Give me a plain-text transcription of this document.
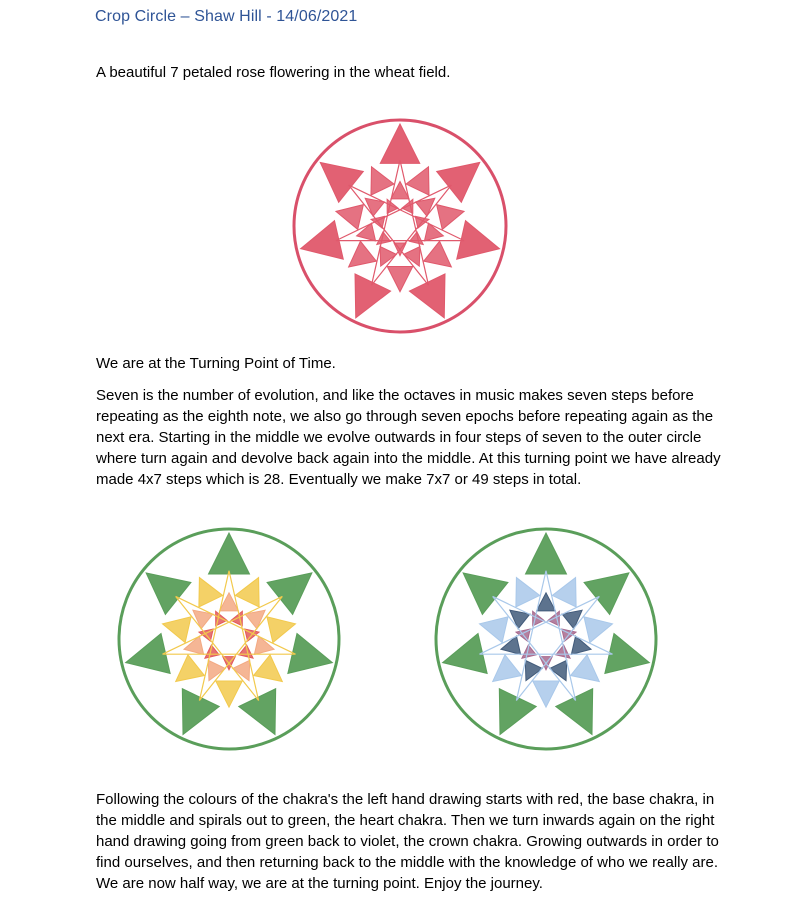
Crop Circle – Shaw Hill - 14/06/2021

A beautiful 7 petaled rose flowering in the wheat field.

We are at the Turning Point of Time.

Seven is the number of evolution, and like the octaves in music makes seven steps before repeating as the eighth note, we also go through seven epochs before repeating again as the next era. Starting in the middle we evolve outwards in four steps of seven to the outer circle where turn again and devolve back again into the middle. At this turning point we have already made 4x7 steps which is 28. Eventually we make 7x7 or 49 steps in total.

Following the colours of the chakra's the left hand drawing starts with red, the base chakra, in the middle and spirals out to green, the heart chakra. Then we turn inwards again on the right hand drawing going from green back to violet, the crown chakra. Growing outwards in order to find ourselves, and then returning back to the middle with the knowledge of who we really are. We are now half way, we are at the turning point. Enjoy the journey.
